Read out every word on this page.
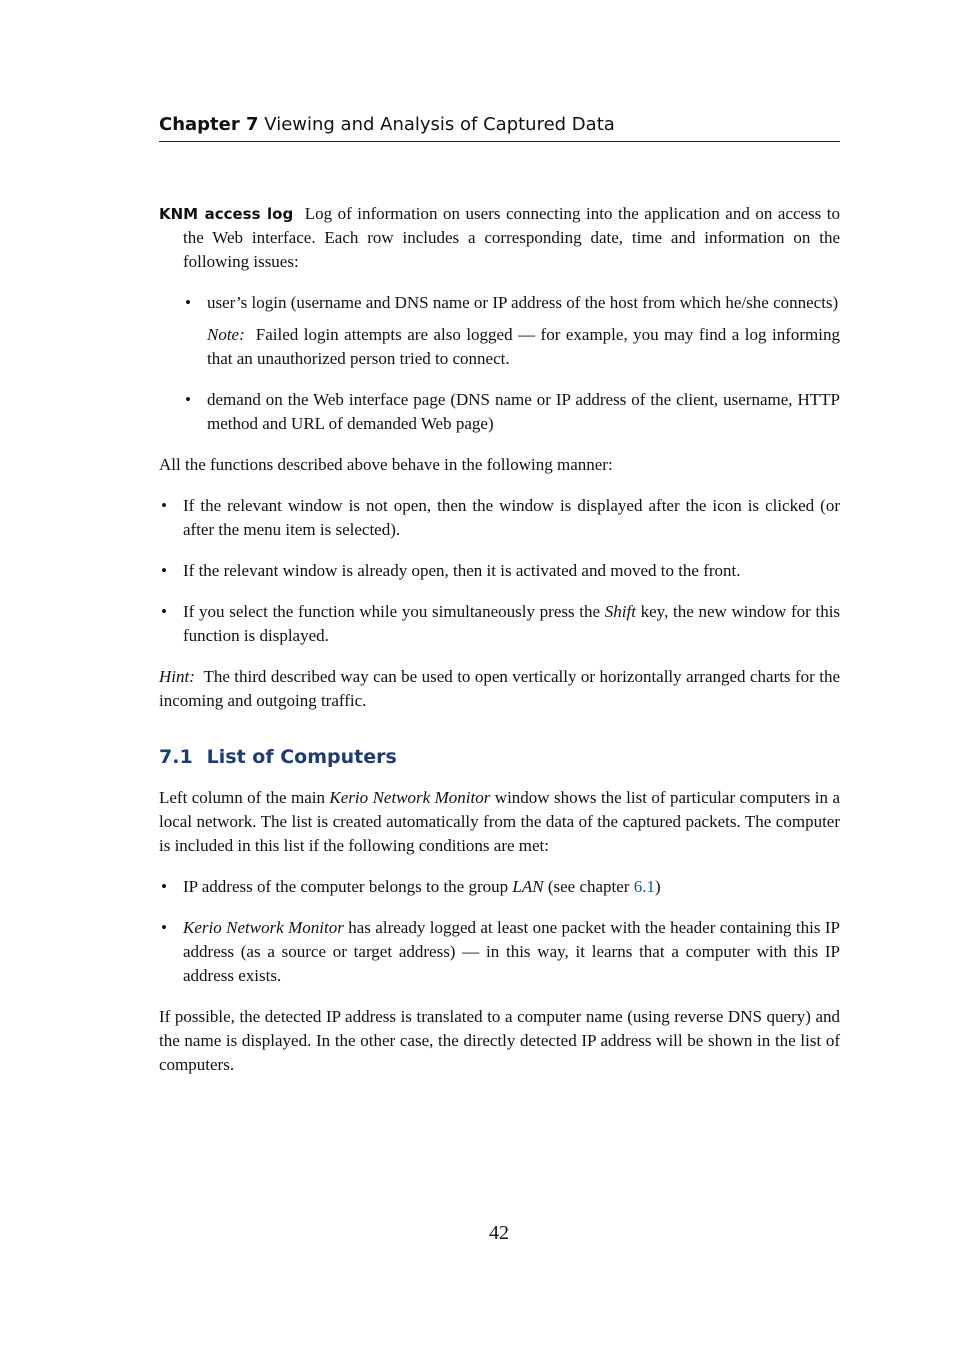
Chapter 7 Viewing and Analysis of Captured Data

KNM access log Log of information on users connecting into the application and on access to the Web interface. Each row includes a corresponding date, time and information on the following issues:

• user’s login (username and DNS name or IP address of the host from which he/she connects)

Note: Failed login attempts are also logged — for example, you may find a log informing that an unauthorized person tried to connect.

• demand on the Web interface page (DNS name or IP address of the client, username, HTTP method and URL of demanded Web page)

All the functions described above behave in the following manner:

• If the relevant window is not open, then the window is displayed after the icon is clicked (or after the menu item is selected).
• If the relevant window is already open, then it is activated and moved to the front.
• If you select the function while you simultaneously press the Shift key, the new window for this function is displayed.

Hint: The third described way can be used to open vertically or horizontally arranged charts for the incoming and outgoing traffic.

7.1 List of Computers

Left column of the main Kerio Network Monitor window shows the list of particular computers in a local network. The list is created automatically from the data of the captured packets. The computer is included in this list if the following conditions are met:

• IP address of the computer belongs to the group LAN (see chapter 6.1)
• Kerio Network Monitor has already logged at least one packet with the header containing this IP address (as a source or target address) — in this way, it learns that a computer with this IP address exists.

If possible, the detected IP address is translated to a computer name (using reverse DNS query) and the name is displayed. In the other case, the directly detected IP address will be shown in the list of computers.

42
